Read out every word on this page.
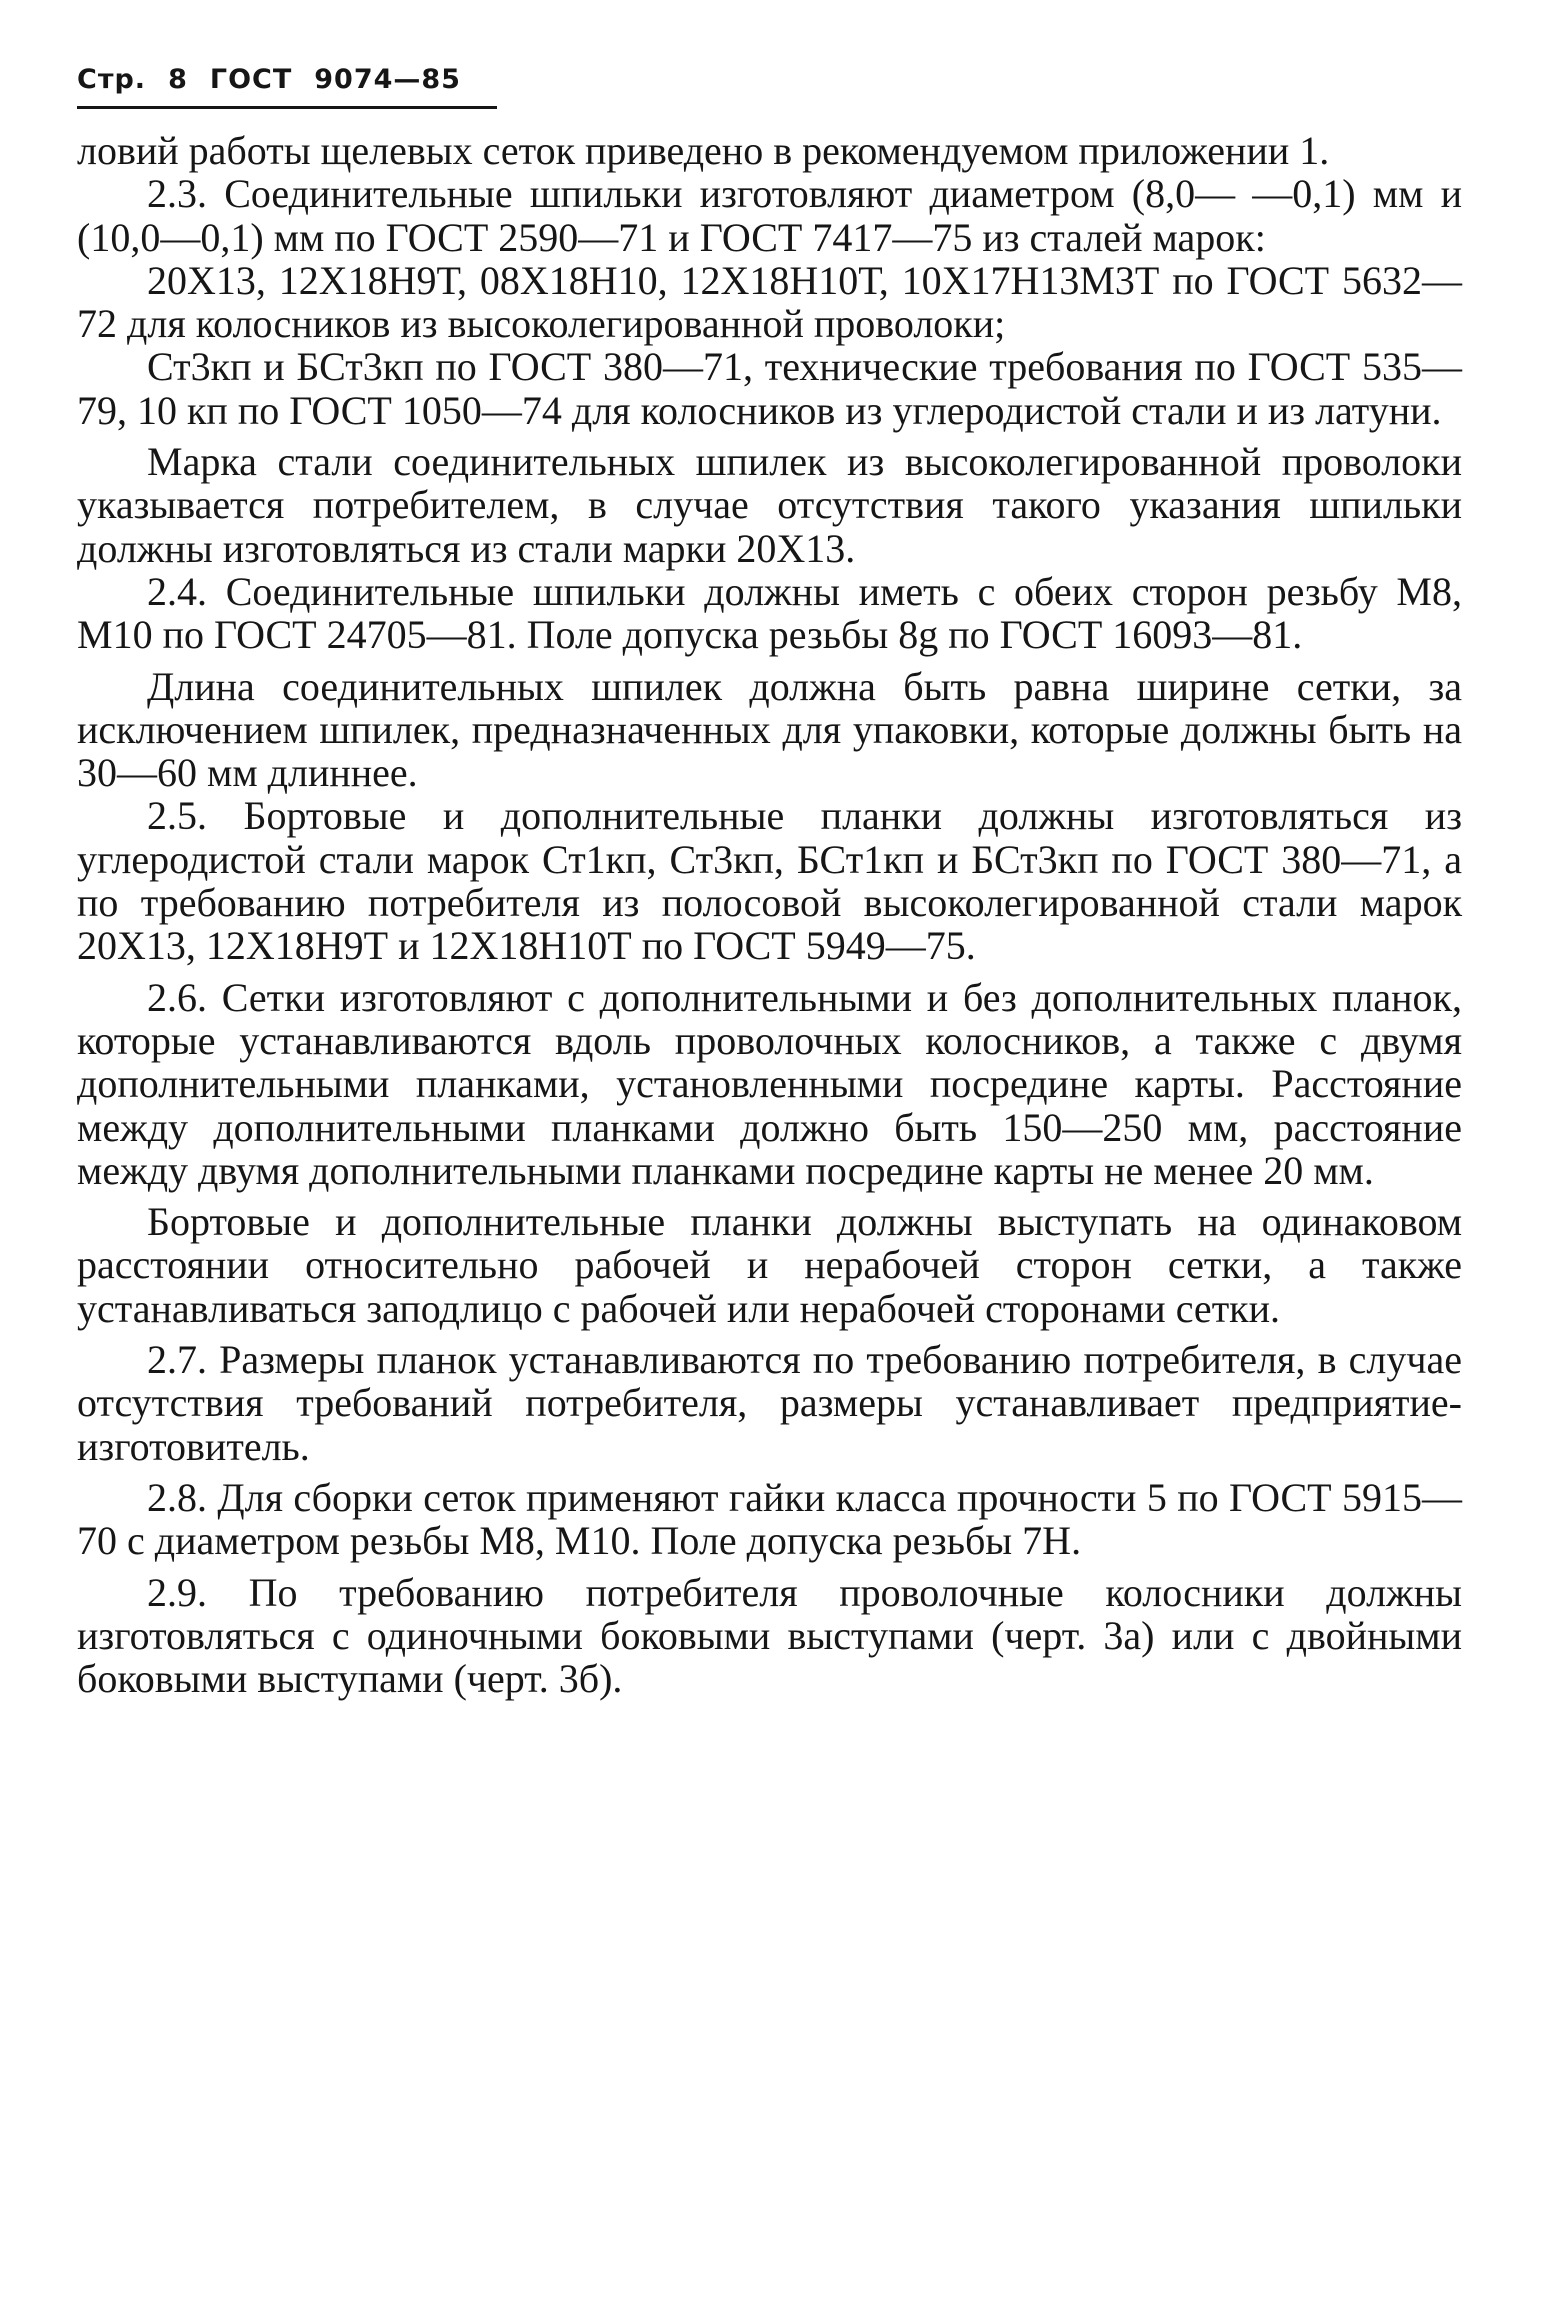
Стр. 8 ГОСТ 9074—85

ловий работы щелевых сеток приведено в рекомендуемом приложении 1.

2.3. Соединительные шпильки изготовляют диаметром (8,0— —0,1) мм и (10,0—0,1) мм по ГОСТ 2590—71 и ГОСТ 7417—75 из сталей марок:

20Х13, 12Х18Н9Т, 08Х18Н10, 12Х18Н10Т, 10Х17Н13М3Т по ГОСТ 5632—72 для колосников из высоколегированной проволоки;

Ст3кп и БСт3кп по ГОСТ 380—71, технические требования по ГОСТ 535—79, 10 кп по ГОСТ 1050—74 для колосников из углеродистой стали и из латуни.

Марка стали соединительных шпилек из высоколегированной проволоки указывается потребителем, в случае отсутствия такого указания шпильки должны изготовляться из стали марки 20Х13.

2.4. Соединительные шпильки должны иметь с обеих сторон резьбу М8, М10 по ГОСТ 24705—81. Поле допуска резьбы 8g по ГОСТ 16093—81.

Длина соединительных шпилек должна быть равна ширине сетки, за исключением шпилек, предназначенных для упаковки, которые должны быть на 30—60 мм длиннее.

2.5. Бортовые и дополнительные планки должны изготовляться из углеродистой стали марок Ст1кп, Ст3кп, БСт1кп и БСт3кп по ГОСТ 380—71, а по требованию потребителя из полосовой высоколегированной стали марок 20Х13, 12Х18Н9Т и 12Х18Н10Т по ГОСТ 5949—75.

2.6. Сетки изготовляют с дополнительными и без дополнительных планок, которые устанавливаются вдоль проволочных колосников, а также с двумя дополнительными планками, установленными посредине карты. Расстояние между дополнительными планками должно быть 150—250 мм, расстояние между двумя дополнительными планками посредине карты не менее 20 мм.

Бортовые и дополнительные планки должны выступать на одинаковом расстоянии относительно рабочей и нерабочей сторон сетки, а также устанавливаться заподлицо с рабочей или нерабочей сторонами сетки.

2.7. Размеры планок устанавливаются по требованию потребителя, в случае отсутствия требований потребителя, размеры устанавливает предприятие-изготовитель.

2.8. Для сборки сеток применяют гайки класса прочности 5 по ГОСТ 5915—70 с диаметром резьбы М8, М10. Поле допуска резьбы 7Н.

2.9. По требованию потребителя проволочные колосники должны изготовляться с одиночными боковыми выступами (черт. 3а) или с двойными боковыми выступами (черт. 3б).
